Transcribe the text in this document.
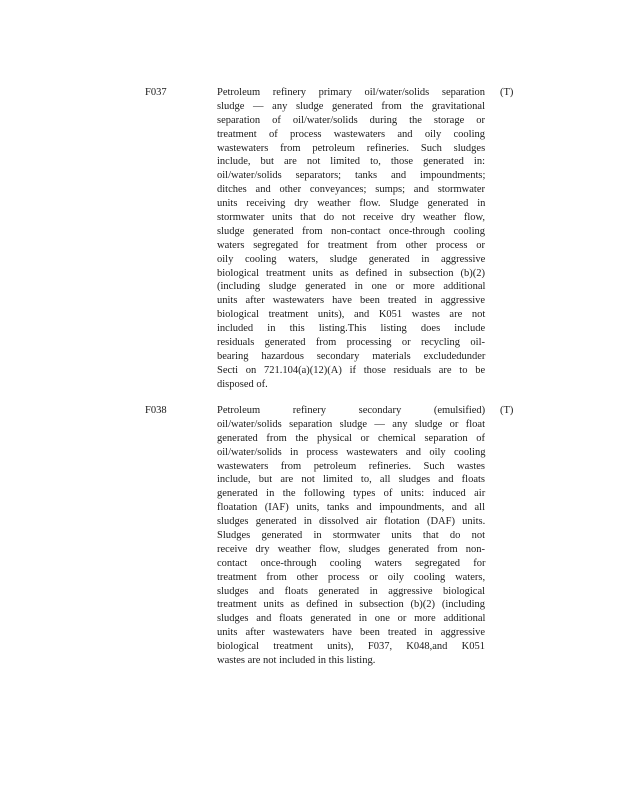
F037	Petroleum refinery primary oil/water/solids separation
sludge — any sludge generated from the gravitational
separation of oil/water/solids during the storage or
treatment of process wastewaters and oily cooling
wastewaters from petroleum refineries. Such sludges
include, but are not limited to, those generated in:
oil/water/solids separators; tanks and impoundments;
ditches and other conveyances; sumps; and stormwater
units receiving dry weather flow. Sludge generated in
stormwater units that do not receive dry weather flow,
sludge generated from non-contact once-through cooling
waters segregated for treatment from other process or
oily cooling waters, sludge generated in aggressive
biological treatment units as defined in subsection (b)(2)
(including sludge generated in one or more additional
units after wastewaters have been treated in aggressive
biological treatment units), and K051 wastes are not
included in this listing.This listing does include
residuals generated from processing or recycling oil-
bearing hazardous secondary materials excludedunder
Secti on 721.104(a)(12)(A) if those residuals are to be
disposed of.
(T)
F038	Petroleum refinery secondary (emulsified)
oil/water/solids separation sludge — any sludge or float
generated from the physical or chemical separation of
oil/water/solids in process wastewaters and oily cooling
wastewaters from petroleum refineries. Such wastes
include, but are not limited to, all sludges and floats
generated in the following types of units: induced air
floatation (IAF) units, tanks and impoundments, and all
sludges generated in dissolved air flotation (DAF) units.
Sludges generated in stormwater units that do not
receive dry weather flow, sludges generated from non-
contact once-through cooling waters segregated for
treatment from other process or oily cooling waters,
sludges and floats generated in aggressive biological
treatment units as defined in subsection (b)(2) (including
sludges and floats generated in one or more additional
units after wastewaters have been treated in aggressive
biological treatment units), F037, K048,and K051
wastes are not included in this listing.
(T)
